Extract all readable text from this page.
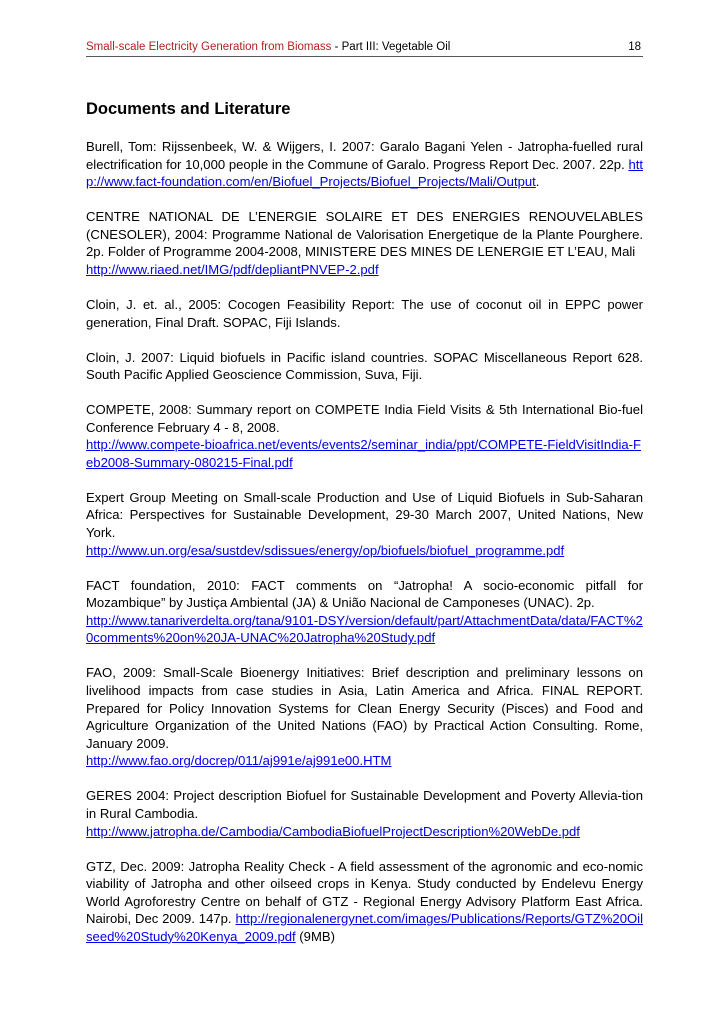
Small-scale Electricity Generation from Biomass - Part III: Vegetable Oil	18
Documents and Literature

Burell, Tom: Rijssenbeek, W. & Wijgers, I. 2007: Garalo Bagani Yelen - Jatropha-fuelled rural electrification for 10,000 people in the Commune of Garalo. Progress Report Dec. 2007. 22p. http://www.fact-foundation.com/en/Biofuel_Projects/Biofuel_Projects/Mali/Output.

CENTRE NATIONAL DE L’ENERGIE SOLAIRE ET DES ENERGIES RENOUVELABLES (CNESOLER), 2004: Programme National de Valorisation Energetique de la Plante Pourghere. 2p. Folder of Programme 2004-2008, MINISTERE DES MINES DE LENERGIE ET L’EAU, Mali
http://www.riaed.net/IMG/pdf/depliantPNVEP-2.pdf

Cloin, J. et. al., 2005: Cocogen Feasibility Report: The use of coconut oil in EPPC power generation, Final Draft. SOPAC, Fiji Islands.

Cloin, J. 2007: Liquid biofuels in Pacific island countries. SOPAC Miscellaneous Report 628. South Pacific Applied Geoscience Commission, Suva, Fiji.

COMPETE, 2008: Summary report on COMPETE India Field Visits & 5th International Bio-fuel Conference February 4 - 8, 2008.
http://www.compete-bioafrica.net/events/events2/seminar_india/ppt/COMPETE-FieldVisitIndia-Feb2008-Summary-080215-Final.pdf

Expert Group Meeting on Small-scale Production and Use of Liquid Biofuels in Sub-Saharan Africa: Perspectives for Sustainable Development, 29-30 March 2007, United Nations, New York.
http://www.un.org/esa/sustdev/sdissues/energy/op/biofuels/biofuel_programme.pdf

FACT foundation, 2010: FACT comments on “Jatropha! A socio-economic pitfall for Mozambique” by Justiça Ambiental (JA) & União Nacional de Camponeses (UNAC). 2p.
http://www.tanariverdelta.org/tana/9101-DSY/version/default/part/AttachmentData/data/FACT%20comments%20on%20JA-UNAC%20Jatropha%20Study.pdf

FAO, 2009: Small-Scale Bioenergy Initiatives: Brief description and preliminary lessons on livelihood impacts from case studies in Asia, Latin America and Africa. FINAL REPORT. Prepared for Policy Innovation Systems for Clean Energy Security (Pisces) and Food and Agriculture Organization of the United Nations (FAO) by Practical Action Consulting. Rome, January 2009.
http://www.fao.org/docrep/011/aj991e/aj991e00.HTM

GERES 2004: Project description Biofuel for Sustainable Development and Poverty Allevia-tion in Rural Cambodia.
http://www.jatropha.de/Cambodia/CambodiaBiofuelProjectDescription%20WebDe.pdf

GTZ, Dec. 2009: Jatropha Reality Check - A field assessment of the agronomic and eco-nomic viability of Jatropha and other oilseed crops in Kenya. Study conducted by Endelevu Energy World Agroforestry Centre on behalf of GTZ - Regional Energy Advisory Platform East Africa. Nairobi, Dec 2009. 147p. http://regionalenergynet.com/images/Publications/Reports/GTZ%20Oilseed%20Study%20Kenya_2009.pdf (9MB)
